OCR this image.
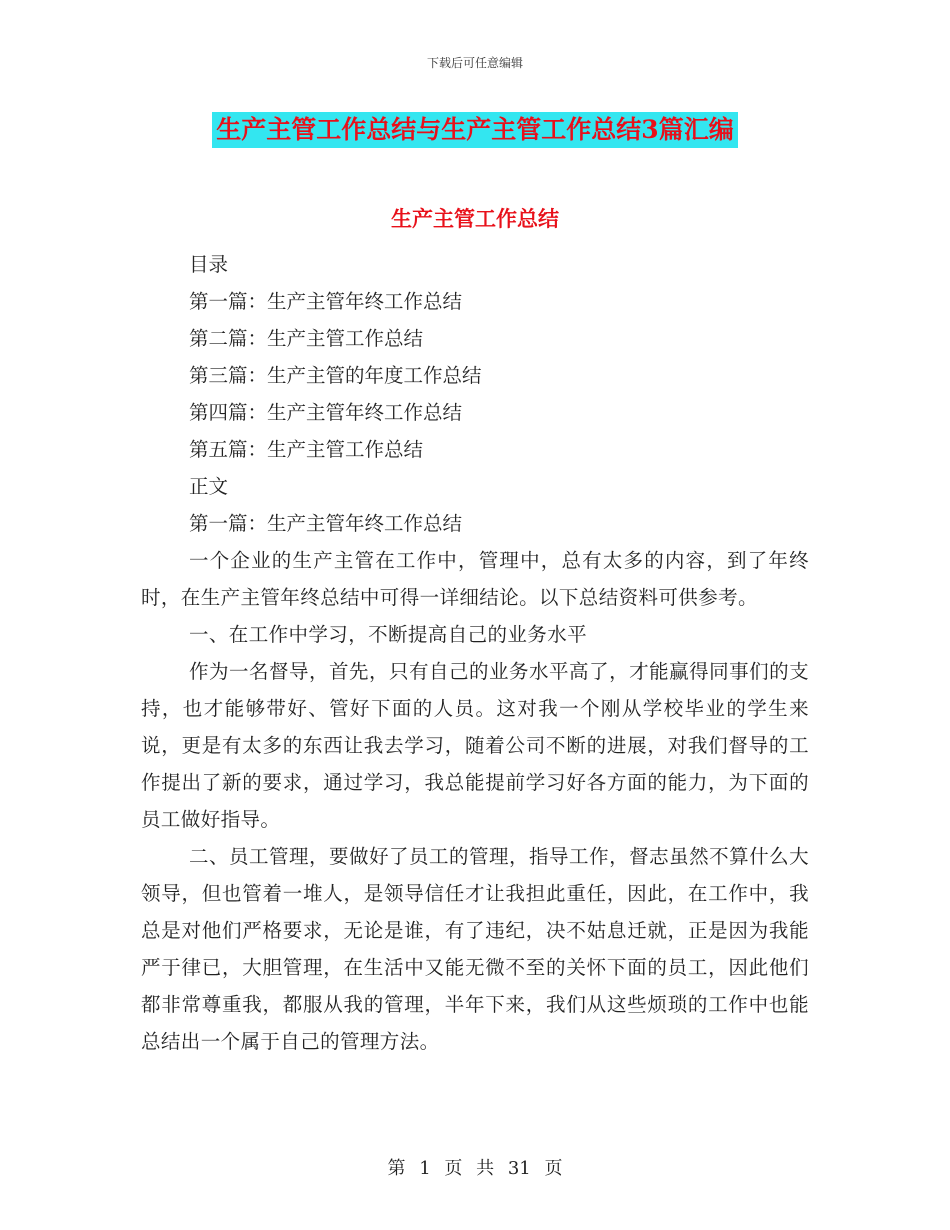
下载后可任意编辑
生产主管工作总结与生产主管工作总结3篇汇编
生产主管工作总结
目录
第一篇：生产主管年终工作总结
第二篇：生产主管工作总结
第三篇：生产主管的年度工作总结
第四篇：生产主管年终工作总结
第五篇：生产主管工作总结
正文
第一篇：生产主管年终工作总结
一个企业的生产主管在工作中，管理中，总有太多的内容，到了年终时，在生产主管年终总结中可得一详细结论。以下总结资料可供参考。
一、在工作中学习，不断提高自己的业务水平
作为一名督导，首先，只有自己的业务水平高了，才能赢得同事们的支持，也才能够带好、管好下面的人员。这对我一个刚从学校毕业的学生来说，更是有太多的东西让我去学习，随着公司不断的进展，对我们督导的工作提出了新的要求，通过学习，我总能提前学习好各方面的能力，为下面的员工做好指导。
二、员工管理，要做好了员工的管理，指导工作，督志虽然不算什么大领导，但也管着一堆人，是领导信任才让我担此重任，因此，在工作中，我总是对他们严格要求，无论是谁，有了违纪，决不姑息迁就，正是因为我能严于律已，大胆管理，在生活中又能无微不至的关怀下面的员工，因此他们都非常尊重我，都服从我的管理，半年下来，我们从这些烦琐的工作中也能总结出一个属于自己的管理方法。
第 1 页 共 31 页
